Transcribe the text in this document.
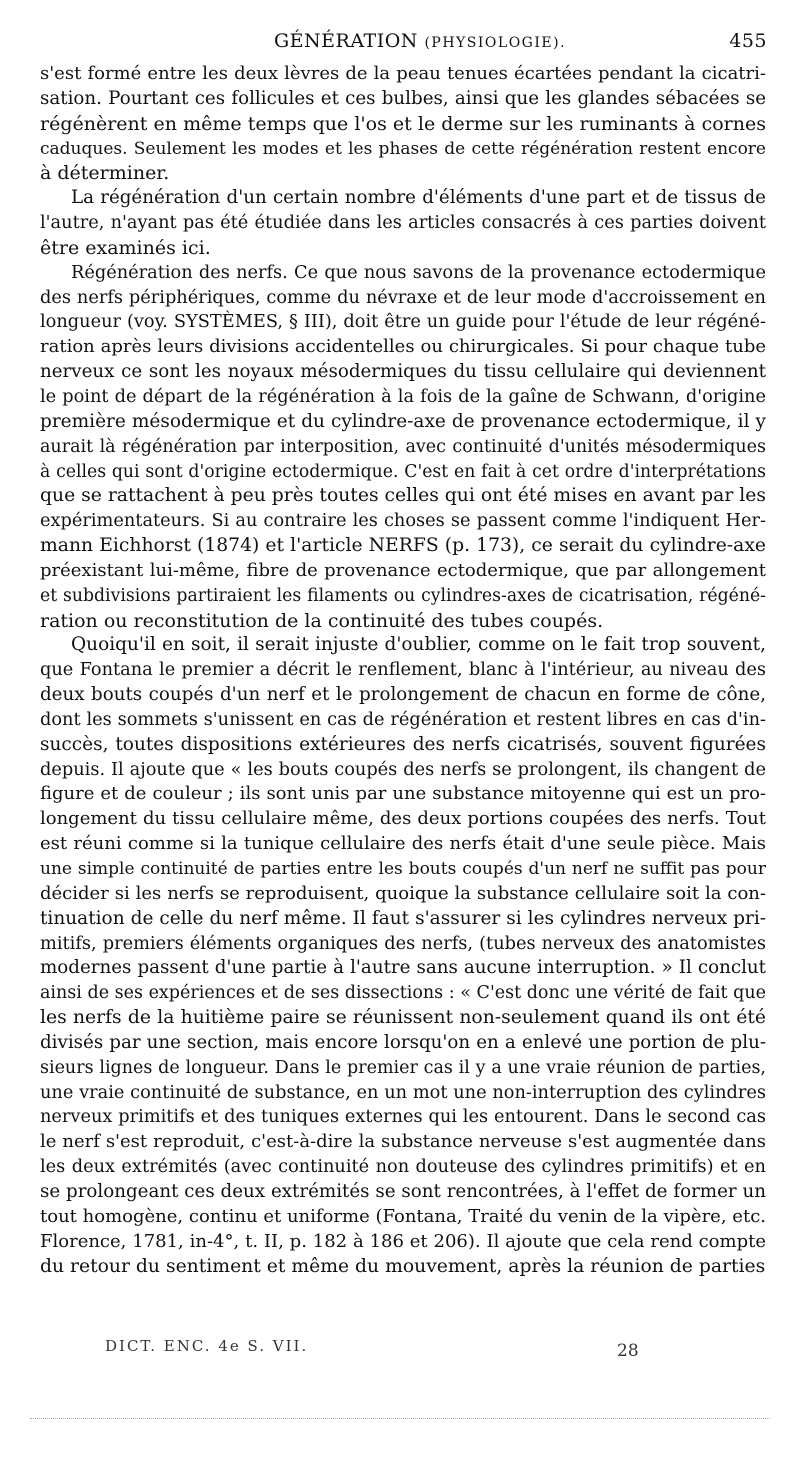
GÉNÉRATION (PHYSIOLOGIE).	455
s'est formé entre les deux lèvres de la peau tenues écartées pendant la cicatri-
sation. Pourtant ces follicules et ces bulbes, ainsi que les glandes sébacées se
régénèrent en même temps que l'os et le derme sur les ruminants à cornes
caduques. Seulement les modes et les phases de cette régénération restent encore
à déterminer.
La régénération d'un certain nombre d'éléments d'une part et de tissus de
l'autre, n'ayant pas été étudiée dans les articles consacrés à ces parties doivent
être examinés ici.
Régénération des nerfs. Ce que nous savons de la provenance ectodermique
des nerfs périphériques, comme du névraxe et de leur mode d'accroissement en
longueur (voy. SYSTÈMES, § III), doit être un guide pour l'étude de leur régéné-
ration après leurs divisions accidentelles ou chirurgicales. Si pour chaque tube
nerveux ce sont les noyaux mésodermiques du tissu cellulaire qui deviennent
le point de départ de la régénération à la fois de la gaîne de Schwann, d'origine
première mésodermique et du cylindre-axe de provenance ectodermique, il y
aurait là régénération par interposition, avec continuité d'unités mésodermiques
à celles qui sont d'origine ectodermique. C'est en fait à cet ordre d'interprétations
que se rattachent à peu près toutes celles qui ont été mises en avant par les
expérimentateurs. Si au contraire les choses se passent comme l'indiquent Her-
mann Eichhorst (1874) et l'article NERFS (p. 173), ce serait du cylindre-axe
préexistant lui-même, fibre de provenance ectodermique, que par allongement
et subdivisions partiraient les filaments ou cylindres-axes de cicatrisation, régéné-
ration ou reconstitution de la continuité des tubes coupés.
Quoiqu'il en soit, il serait injuste d'oublier, comme on le fait trop souvent,
que Fontana le premier a décrit le renflement, blanc à l'intérieur, au niveau des
deux bouts coupés d'un nerf et le prolongement de chacun en forme de cône,
dont les sommets s'unissent en cas de régénération et restent libres en cas d'in-
succès, toutes dispositions extérieures des nerfs cicatrisés, souvent figurées
depuis. Il ajoute que « les bouts coupés des nerfs se prolongent, ils changent de
figure et de couleur ; ils sont unis par une substance mitoyenne qui est un pro-
longement du tissu cellulaire même, des deux portions coupées des nerfs. Tout
est réuni comme si la tunique cellulaire des nerfs était d'une seule pièce. Mais
une simple continuité de parties entre les bouts coupés d'un nerf ne suffit pas pour
décider si les nerfs se reproduisent, quoique la substance cellulaire soit la con-
tinuation de celle du nerf même. Il faut s'assurer si les cylindres nerveux pri-
mitifs, premiers éléments organiques des nerfs, (tubes nerveux des anatomistes
modernes passent d'une partie à l'autre sans aucune interruption. » Il conclut
ainsi de ses expériences et de ses dissections : « C'est donc une vérité de fait que
les nerfs de la huitième paire se réunissent non-seulement quand ils ont été
divisés par une section, mais encore lorsqu'on en a enlevé une portion de plu-
sieurs lignes de longueur. Dans le premier cas il y a une vraie réunion de parties,
une vraie continuité de substance, en un mot une non-interruption des cylindres
nerveux primitifs et des tuniques externes qui les entourent. Dans le second cas
le nerf s'est reproduit, c'est-à-dire la substance nerveuse s'est augmentée dans
les deux extrémités (avec continuité non douteuse des cylindres primitifs) et en
se prolongeant ces deux extrémités se sont rencontrées, à l'effet de former un
tout homogène, continu et uniforme (Fontana, Traité du venin de la vipère, etc.
Florence, 1781, in-4°, t. II, p. 182 à 186 et 206). Il ajoute que cela rend compte
du retour du sentiment et même du mouvement, après la réunion de parties
DICT. ENC. 4e S. VII.	28
